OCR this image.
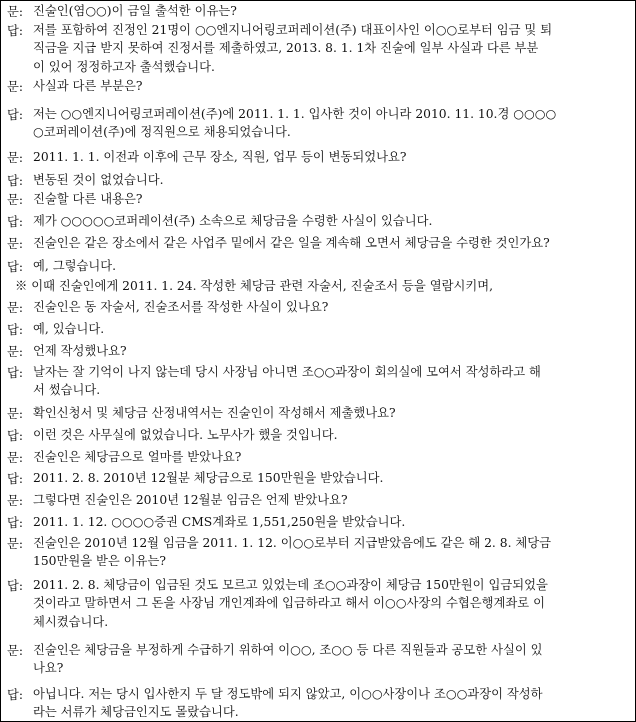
문: 진술인(염○○)이 금일 출석한 이유는?
답: 저를 포함하여 진정인 21명이 ○○엔지니어링코퍼레이션(주) 대표이사인 이○○로부터 임금 및 퇴
직금을 지급 받지 못하여 진정서를 제출하였고, 2013. 8. 1. 1차 진술에 일부 사실과 다른 부분
이 있어 정정하고자 출석했습니다.
문: 사실과 다른 부분은?
답: 저는 ○○엔지니어링코퍼레이션(주)에 2011. 1. 1. 입사한 것이 아니라 2010. 11. 10.경 ○○○○
○코퍼레이션(주)에 정직원으로 채용되었습니다.
문: 2011. 1. 1. 이전과 이후에 근무 장소, 직원, 업무 등이 변동되었나요?
답: 변동된 것이 없었습니다.
문: 진술할 다른 내용은?
답: 제가 ○○○○○코퍼레이션(주) 소속으로 체당금을 수령한 사실이 있습니다.
문: 진술인은 같은 장소에서 같은 사업주 밑에서 같은 일을 계속해 오면서 체당금을 수령한 것인가요?
답: 예, 그렇습니다.
※ 이때 진술인에게 2011. 1. 24. 작성한 체당금 관련 자술서, 진술조서 등을 열람시키며,
문: 진술인은 동 자술서, 진술조서를 작성한 사실이 있나요?
답: 예, 있습니다.
문: 언제 작성했나요?
답: 날자는 잘 기억이 나지 않는데 당시 사장님 아니면 조○○과장이 회의실에 모여서 작성하라고 해
서 썼습니다.
문: 확인신청서 및 체당금 산정내역서는 진술인이 작성해서 제출했나요?
답: 이런 것은 사무실에 없었습니다. 노무사가 했을 것입니다.
문: 진술인은 체당금으로 얼마를 받았나요?
답: 2011. 2. 8. 2010년 12월분 체당금으로 150만원을 받았습니다.
문: 그렇다면 진술인은 2010년 12월분 임금은 언제 받았나요?
답: 2011. 1. 12. ○○○○증권 CMS계좌로 1,551,250원을 받았습니다.
문: 진술인은 2010년 12월 임금을 2011. 1. 12. 이○○로부터 지급받았음에도 같은 해 2. 8. 체당금
150만원을 받은 이유는?
답: 2011. 2. 8. 체당금이 입금된 것도 모르고 있었는데 조○○과장이 체당금 150만원이 입금되었을
것이라고 말하면서 그 돈을 사장님 개인계좌에 입금하라고 해서 이○○사장의 수협은행계좌로 이
체시켰습니다.
문: 진술인은 체당금을 부정하게 수급하기 위하여 이○○, 조○○ 등 다른 직원들과 공모한 사실이 있
나요?
답: 아닙니다. 저는 당시 입사한지 두 달 정도밖에 되지 않았고, 이○○사장이나 조○○과장이 작성하
라는 서류가 체당금인지도 몰랐습니다.
